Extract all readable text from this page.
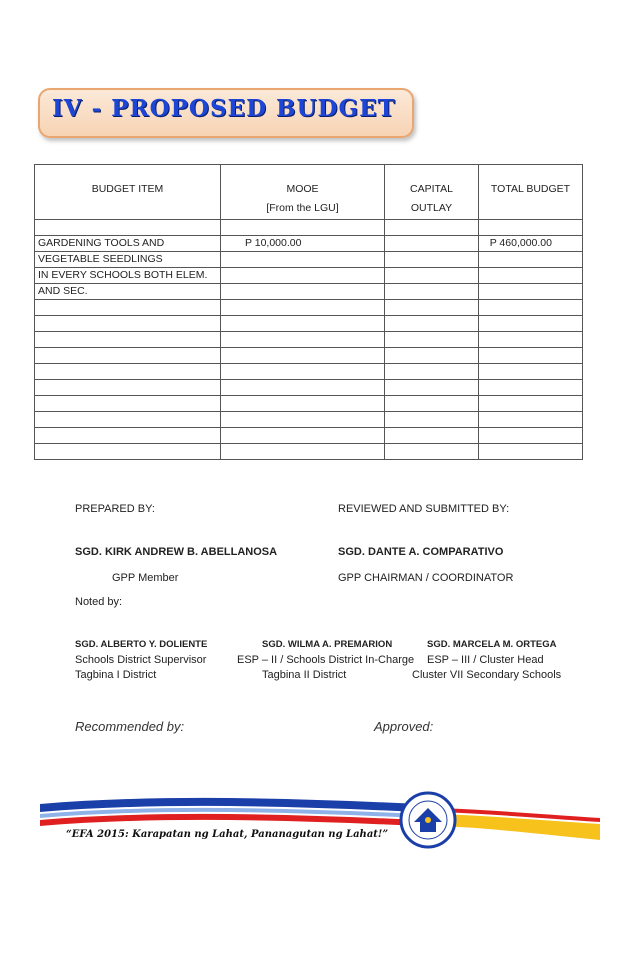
IV - PROPOSED BUDGET
BUDGET ITEM	MOOE	CAPITAL	TOTAL BUDGET
	[From the LGU]	OUTLAY	

GARDENING TOOLS AND	P 10,000.00		P 460,000.00
VEGETABLE SEEDLINGS			
IN EVERY SCHOOLS BOTH ELEM.			
AND SEC.			

PREPARED BY:	REVIEWED AND SUBMITTED BY:
SGD. KIRK ANDREW B. ABELLANOSA	SGD. DANTE A. COMPARATIVO
GPP Member	GPP CHAIRMAN / COORDINATOR
Noted by:
SGD. ALBERTO Y. DOLIENTE
Schools District Supervisor
Tagbina I District
SGD. WILMA A. PREMARION
ESP – II / Schools District In-Charge
Tagbina II District
SGD. MARCELA M. ORTEGA
ESP – III / Cluster Head
Cluster VII Secondary Schools
Recommended by:	Approved:
“EFA 2015: Karapatan ng Lahat, Pananagutan ng Lahat!”
